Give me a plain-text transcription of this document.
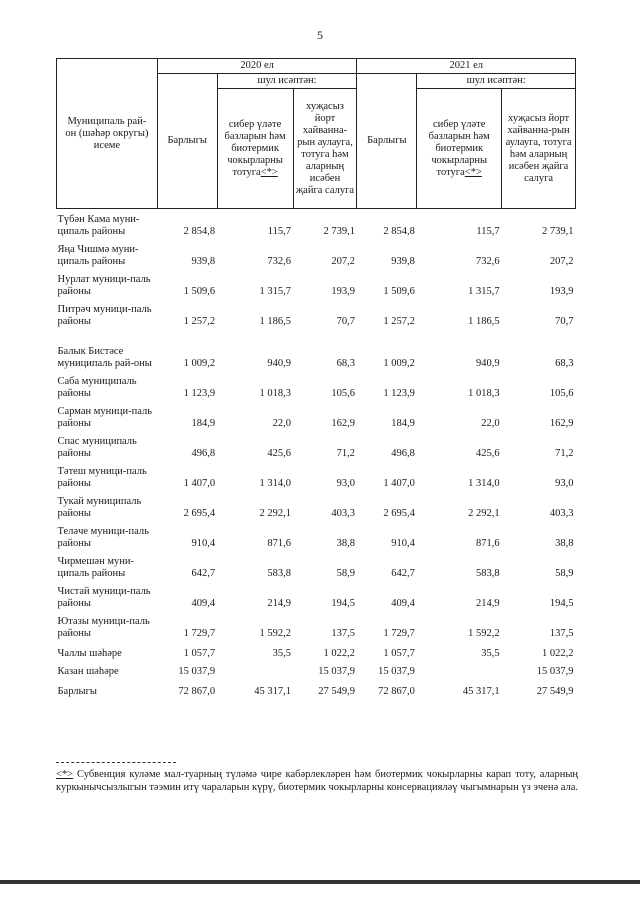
5
Муниципаль рай-он (шәһәр округы) исеме	2020 ел			2021 ел		
	Барлыгы	шул исәптән:		Барлыгы	шул исәптән:	
		сибер үләте базларын һәм биотермик чокырларны тотуга<*>	хуҗасыз йорт хайванна-рын аулауга, тотуга һәм аларның исәбен җайга салуга		сибер үләте базларын һәм биотермик чокырларны тотуга<*>	хуҗасыз йорт хайванна-рын аулауга, тотуга һәм аларның исәбен җайга салуга
Түбән Кама муни-ципаль районы	2 854,8	115,7	2 739,1	2 854,8	115,7	2 739,1
Яңа Чишмә муни-ципаль районы	939,8	732,6	207,2	939,8	732,6	207,2
Нурлат муници-паль районы	1 509,6	1 315,7	193,9	1 509,6	1 315,7	193,9
Питрәч муници-паль районы	1 257,2	1 186,5	70,7	1 257,2	1 186,5	70,7
Балык Бистәсе муниципаль рай-оны	1 009,2	940,9	68,3	1 009,2	940,9	68,3
Саба муниципаль районы	1 123,9	1 018,3	105,6	1 123,9	1 018,3	105,6
Сарман муници-паль районы	184,9	22,0	162,9	184,9	22,0	162,9
Спас муниципаль районы	496,8	425,6	71,2	496,8	425,6	71,2
Тәтеш муници-паль районы	1 407,0	1 314,0	93,0	1 407,0	1 314,0	93,0
Тукай муниципаль районы	2 695,4	2 292,1	403,3	2 695,4	2 292,1	403,3
Теләче муници-паль районы	910,4	871,6	38,8	910,4	871,6	38,8
Чирмешән муни-ципаль районы	642,7	583,8	58,9	642,7	583,8	58,9
Чистай муници-паль районы	409,4	214,9	194,5	409,4	214,9	194,5
Ютазы муници-паль районы	1 729,7	1 592,2	137,5	1 729,7	1 592,2	137,5
Чаллы шәһәре	1 057,7	35,5	1 022,2	1 057,7	35,5	1 022,2
Казан шәһәре	15 037,9		15 037,9	15 037,9		15 037,9
Барлыгы	72 867,0	45 317,1	27 549,9	72 867,0	45 317,1	27 549,9
<*> Субвенция куләме мал-туарның түләмә чире кабәрлекләрен һәм биотермик чокырларны карап тоту, аларның куркынычсызлыгын тәэмин итү чараларын күрү, биотермик чокырларны консервацияләү чыгымнарын үз эченә ала.
